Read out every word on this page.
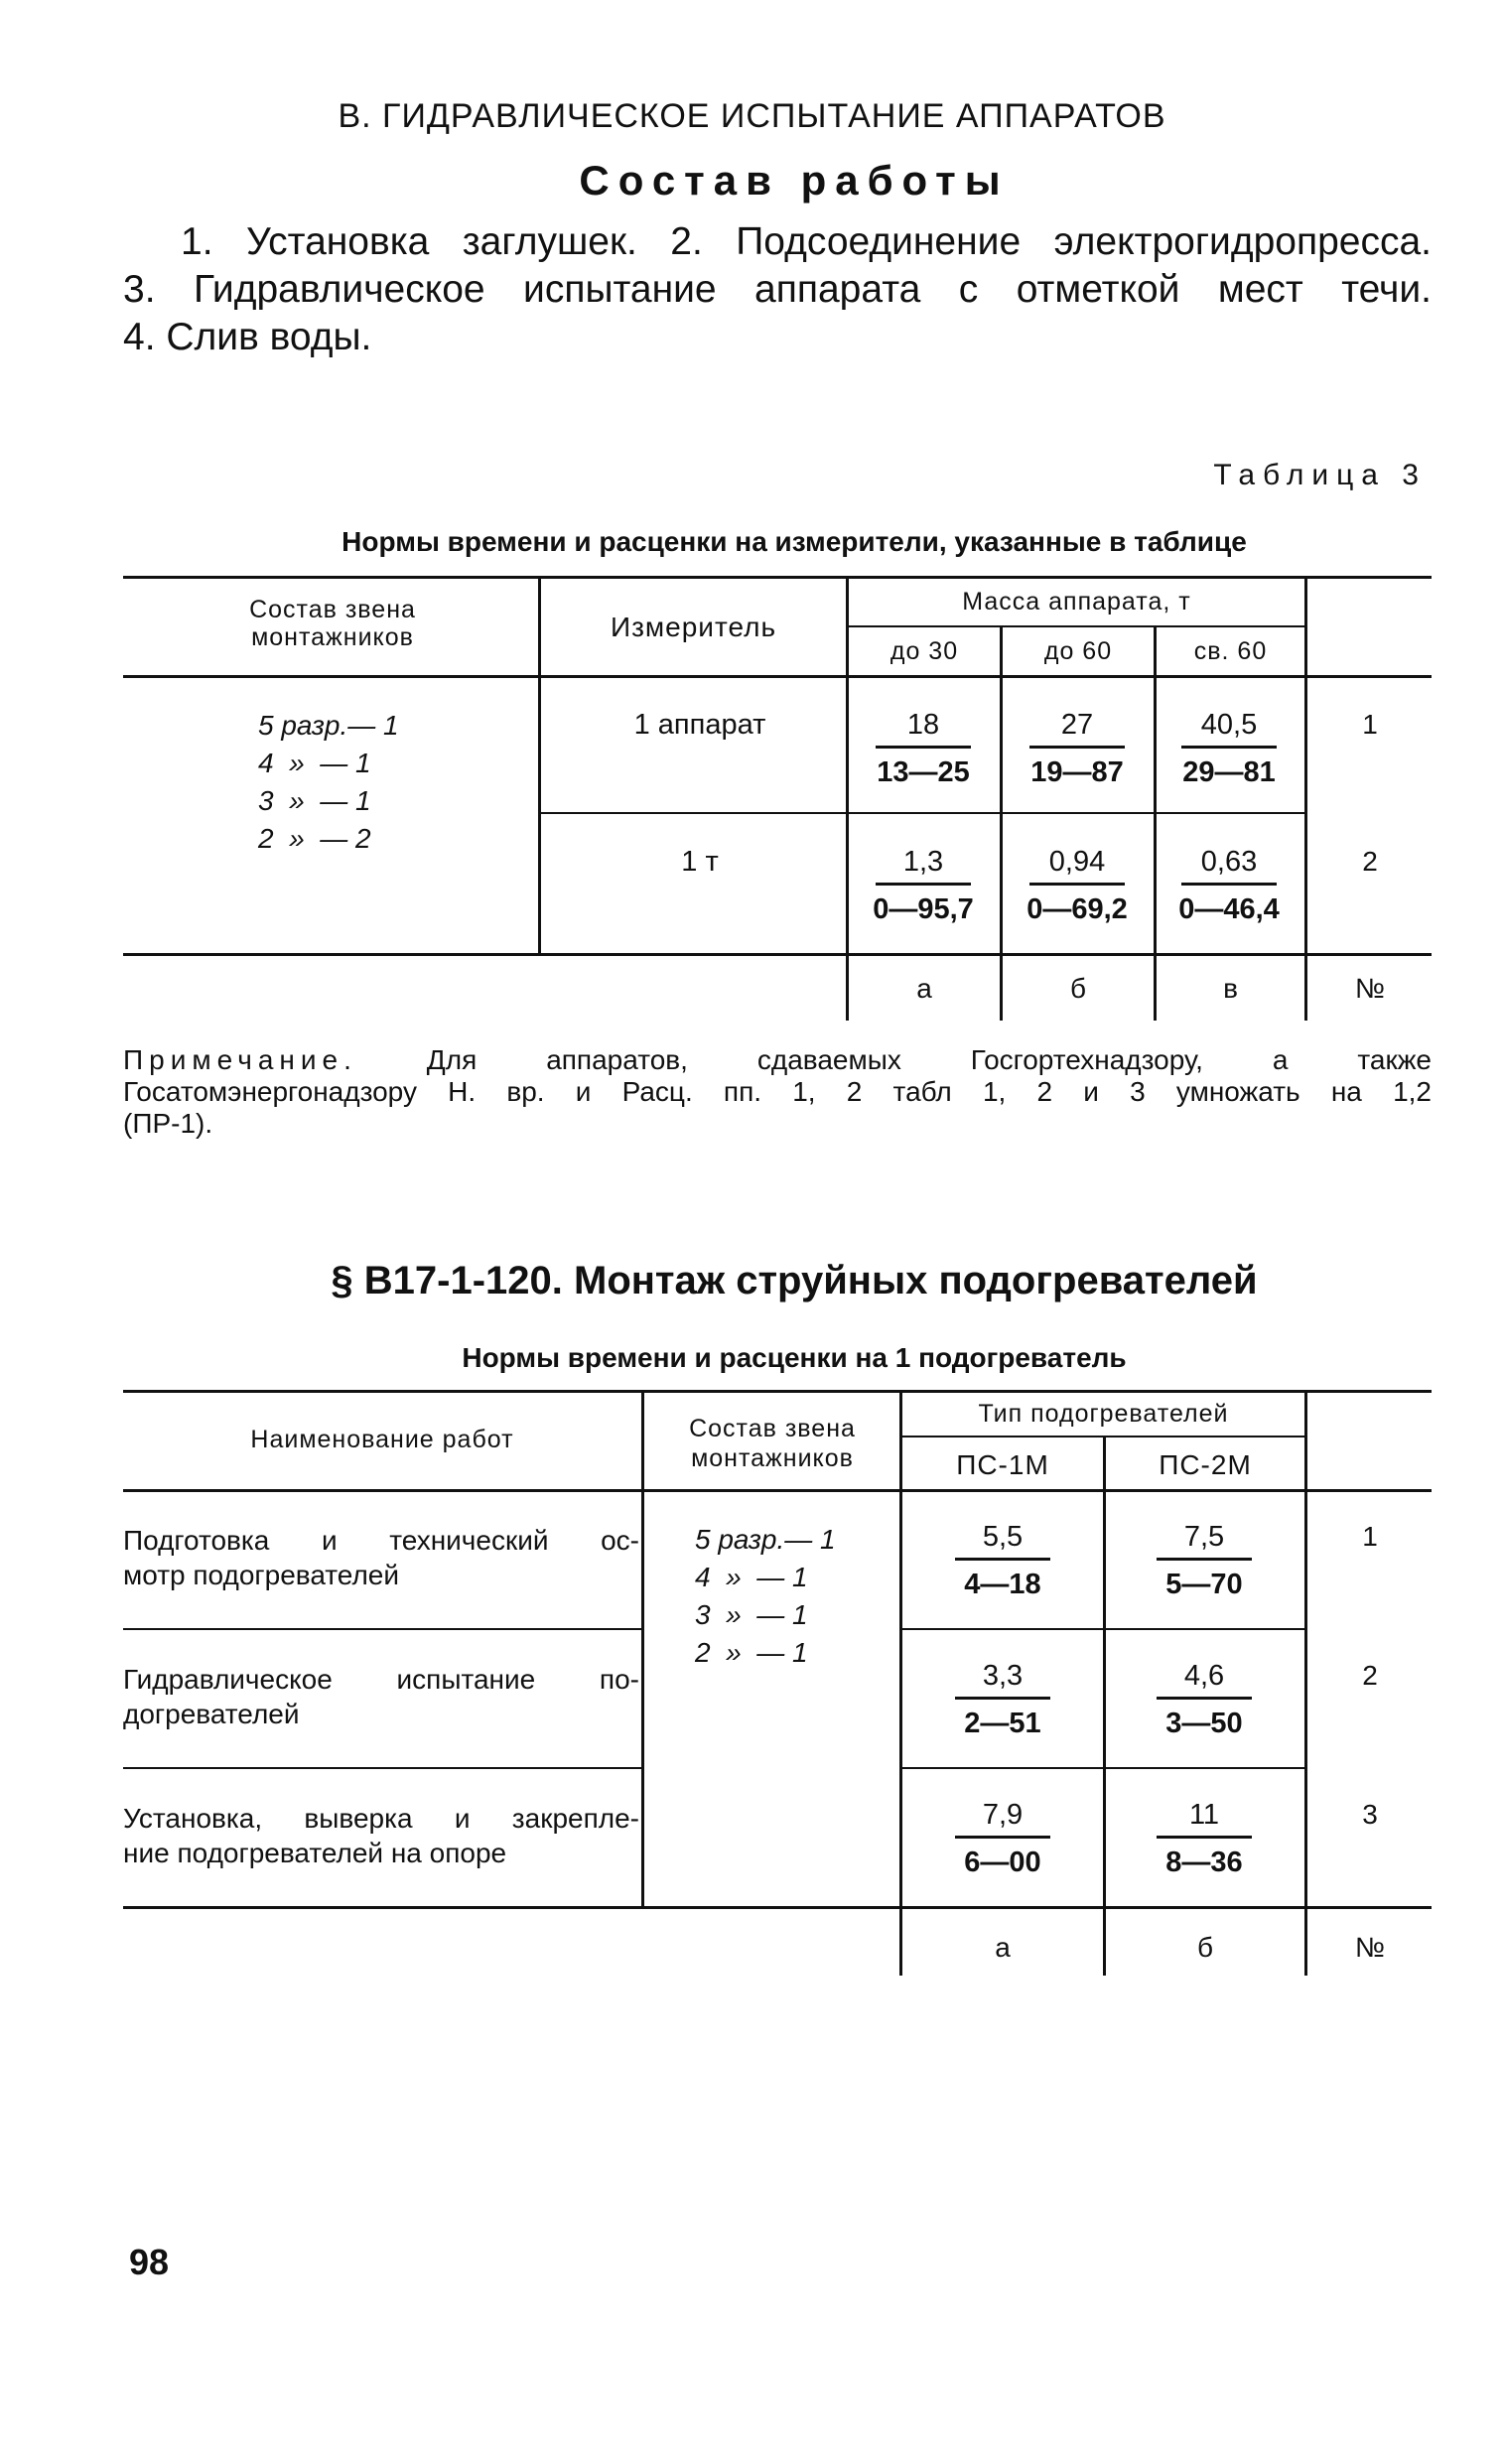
В. ГИДРАВЛИЧЕСКОЕ ИСПЫТАНИЕ АППАРАТОВ
Состав работы
1. Установка заглушек. 2. Подсоединение электрогидропресса.
3. Гидравлическое испытание аппарата с отметкой мест течи.
4. Слив воды.
Таблица 3
Нормы времени и расценки на измерители, указанные в таблице
Состав звена
монтажников	Измеритель
Масса аппарата, т
до 30	до 60	св. 60
5 разр.— 1
4  »  — 1
3  »  — 1
2  »  — 2
1 аппарат	$\frac{18}{13—25} \frac{27}{19—87} \frac{40,5}{29—81}$	1
1 т	$\frac{1,3}{0—95,7} \frac{0,94}{0—69,2} \frac{0,63}{0—46,4}$	2
а	б	в	№
Примечание. Для аппаратов, сдаваемых Госгортехнадзору, а также
Госатомэнергонадзору Н. вр. и Расц. пп. 1, 2 табл 1, 2 и 3 умножать на 1,2
(ПР-1).
§ В17-1-120. Монтаж струйных подогревателей
Нормы времени и расценки на 1 подогреватель
Наименование работ	Состав звена
монтажников
Тип подогревателей
ПС-1М	ПС-2М
5 разр.— 1
4  »  — 1
3  »  — 1
2  »  — 1
Подготовка и технический ос-
мотр подогревателей	$\frac{5,5}{4—18} \frac{7,5}{5—70}$	1
Гидравлическое испытание по-
догревателей	$\frac{3,3}{2—51} \frac{4,6}{3—50}$	2
Установка, выверка и закрепле-
ние подогревателей на опоре	$\frac{7,9}{6—00} \frac{11}{8—36}$	3
а	б	№
98
